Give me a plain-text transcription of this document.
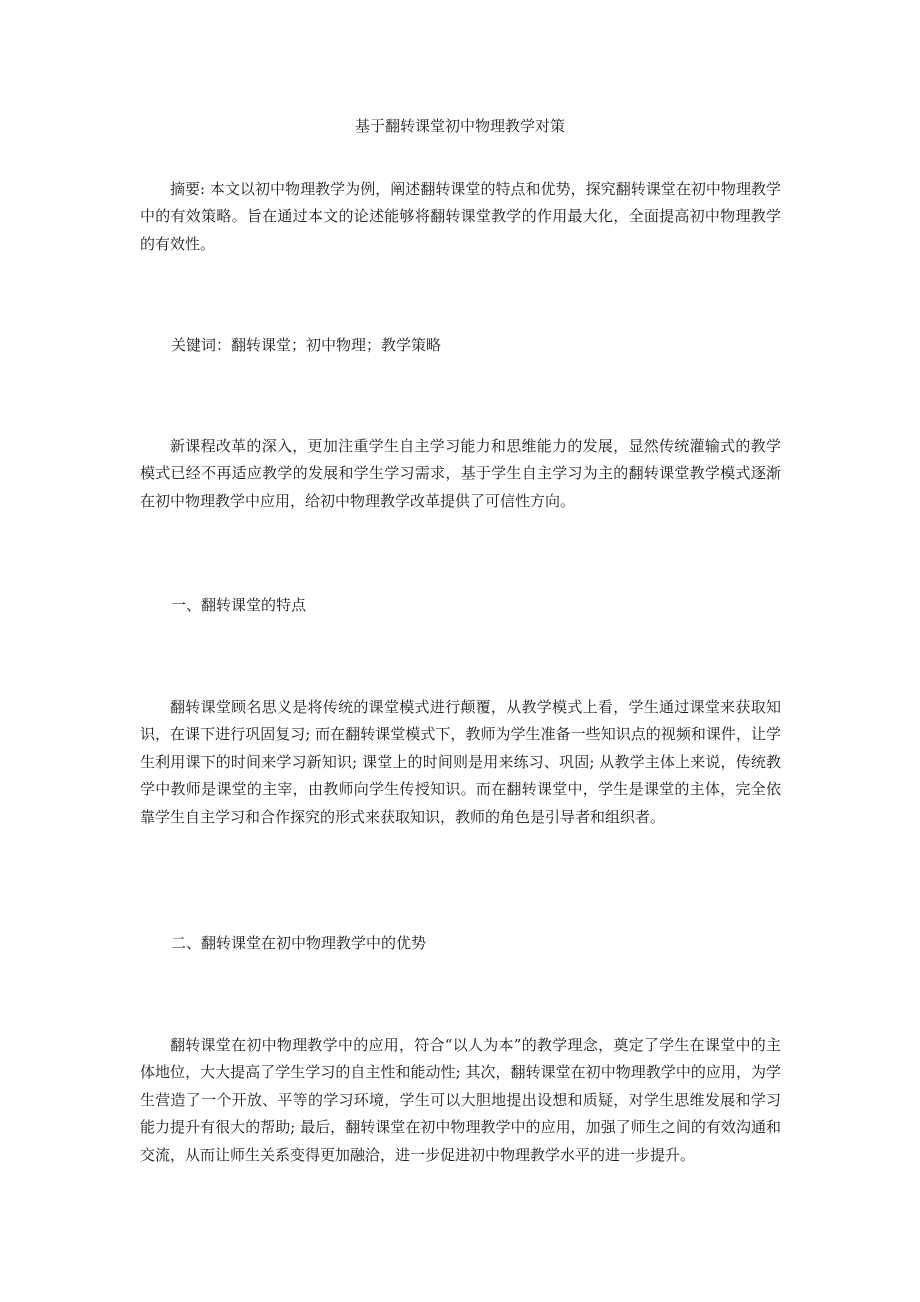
基于翻转课堂初中物理教学对策

摘要: 本文以初中物理教学为例，阐述翻转课堂的特点和优势，探究翻转课堂在初中物理教学中的有效策略。旨在通过本文的论述能够将翻转课堂教学的作用最大化，全面提高初中物理教学的有效性。

关键词：翻转课堂；初中物理；教学策略

新课程改革的深入，更加注重学生自主学习能力和思维能力的发展，显然传统灌输式的教学模式已经不再适应教学的发展和学生学习需求，基于学生自主学习为主的翻转课堂教学模式逐渐在初中物理教学中应用，给初中物理教学改革提供了可信性方向。

一、翻转课堂的特点

翻转课堂顾名思义是将传统的课堂模式进行颠覆，从教学模式上看，学生通过课堂来获取知识，在课下进行巩固复习; 而在翻转课堂模式下，教师为学生准备一些知识点的视频和课件，让学生利用课下的时间来学习新知识; 课堂上的时间则是用来练习、巩固; 从教学主体上来说，传统教学中教师是课堂的主宰，由教师向学生传授知识。而在翻转课堂中，学生是课堂的主体，完全依靠学生自主学习和合作探究的形式来获取知识，教师的角色是引导者和组织者。

二、翻转课堂在初中物理教学中的优势

翻转课堂在初中物理教学中的应用，符合“以人为本”的教学理念，奠定了学生在课堂中的主体地位，大大提高了学生学习的自主性和能动性; 其次，翻转课堂在初中物理教学中的应用，为学生营造了一个开放、平等的学习环境，学生可以大胆地提出设想和质疑，对学生思维发展和学习能力提升有很大的帮助; 最后，翻转课堂在初中物理教学中的应用，加强了师生之间的有效沟通和交流，从而让师生关系变得更加融洽，进一步促进初中物理教学水平的进一步提升。
